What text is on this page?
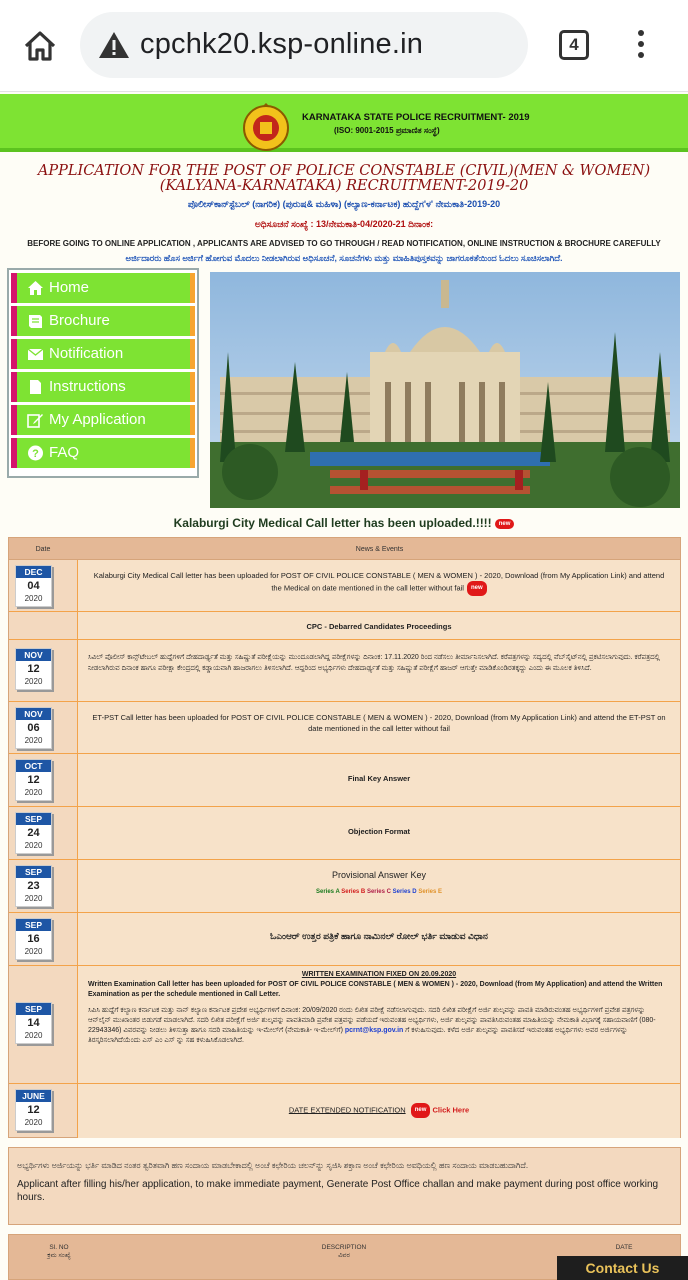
cpchk20.ksp-online.in	4
KARNATAKA STATE POLICE RECRUITMENT- 2019
(ISO: 9001-2015 ಪ್ರಮಾಣಿತ ಸಂಸ್ಥೆ)
APPLICATION FOR THE POST OF POLICE CONSTABLE (CIVIL)(MEN & WOMEN) (KALYANA-KARNATAKA) RECRUITMENT-2019-20
ಪೊಲೀಸ್‌ಕಾನ್‌ಸ್ಟೆಬಲ್ (ನಾಗರಿಕ) (ಪುರುಷ& ಮಹಿಳಾ) (ಕಲ್ಯಾಣ-ಕರ್ನಾಟಕ) ಹುದ್ದೆಗ'ಳ' ನೇಮಕಾತಿ-2019-20
ಅಧಿಸೂಚನೆ ಸಂಖ್ಯೆ : 13/ನೇಮಕಾತಿ-04/2020-21 ದಿನಾಂಕ:
BEFORE GOING TO ONLINE APPLICATION , APPLICANTS ARE ADVISED TO GO THROUGH / READ NOTIFICATION, ONLINE INSTRUCTION & BROCHURE CAREFULLY
ಅರ್ಜಿದಾರರು ಹೊಸ ಅರ್ಜಿಗೆ ಹೋಗುವ ಮೊದಲು ನೀಡಲಾಗಿರುವ ಅಧಿಸೂಚನೆ, ಸೂಚನೆಗಳು ಮತ್ತು ಮಾಹಿತಿಪುಸ್ತಕವನ್ನು ಜಾಗರೂಕತೆಯಿಂದ ಓದಲು ಸೂಚಿಸಲಾಗಿದೆ.
Home
Brochure
Notification
Instructions
My Application
? FAQ
Kalaburgi City Medical Call letter has been uploaded.!!!! new
Date	News & Events
DEC
04
2020
Kalaburgi City Medical Call letter has been uploaded for POST OF CIVIL POLICE CONSTABLE ( MEN & WOMEN ) - 2020, Download (from My Application Link) and attend the Medical on date mentioned in the call letter without fail new
CPC - Debarred Candidates Proceedings
NOV
12
2020
ಸಿವಿಲ್ ಪೊಲೀಸ್ ಕಾನ್ಸ್‌ಟೇಬಲ್ ಹುದ್ದೆಗಳಿಗೆ ದೇಹದಾರ್ಢ್ಯತೆ ಮತ್ತು ಸಹಿಷ್ಣುತೆ ಪರೀಕ್ಷೆಯನ್ನು ಮುಂದೂಡಲಾಗಿದ್ದ ಪರೀಕ್ಷೆಗಳನ್ನು ದಿನಾಂಕ: 17.11.2020 ರಿಂದ ನಡೆಸಲು ತೀರ್ಮಾನಿಸಲಾಗಿದೆ. ಕರೆಪತ್ರಗಳನ್ನು ಸದ್ಯದಲ್ಲಿ ವೆಬ್‌ಸೈಟ್‌ನಲ್ಲಿ ಪ್ರಕಟಿಸಲಾಗುವುದು. ಕರೆಪತ್ರದಲ್ಲಿ ನೀಡಲಾಗಿರುವ ದಿನಾಂಕ ಹಾಗೂ ಪರೀಕ್ಷಾ ಕೇಂದ್ರದಲ್ಲಿ ಕಡ್ಡಾಯವಾಗಿ ಹಾಜರಾಗಲು ತಿಳಿಸಲಾಗಿದೆ. ಆದ್ದರಿಂದ ಅಭ್ಯರ್ಥಿಗಳು ದೇಹದಾರ್ಢ್ಯತೆ ಮತ್ತು ಸಹಿಷ್ಣುತೆ ಪರೀಕ್ಷೆಗೆ ಹಾಜರ್ ಆಗುತ್ತೇ ಮಾಡಿಕೊಂಡಿರತಕ್ಕದ್ದು ಎಂದು ಈ ಮೂಲಕ ತಿಳಿಸಿದೆ.
NOV
06
2020
ET-PST Call letter has been uploaded for POST OF CIVIL POLICE CONSTABLE ( MEN & WOMEN ) - 2020, Download (from My Application Link) and attend the ET-PST on date mentioned in the call letter without fail
OCT
12
2020
Final Key Answer
SEP
24
2020
Objection Format
SEP
23
2020
Provisional Answer Key
Series A Series B Series C Series D Series E
SEP
16
2020
ಓಎಂಆರ್ ಉತ್ತರ ಪತ್ರಿಕೆ ಹಾಗೂ ನಾಮಿನಲ್ ರೋಲ್ ಭರ್ತಿ ಮಾಡುವ ವಿಧಾನ
SEP
14
2020
WRITTEN EXAMINATION FIXED ON 20.09.2020
Written Examination Call letter has been uploaded for POST OF CIVIL POLICE CONSTABLE ( MEN & WOMEN ) - 2020, Download (from My Application) and attend the Written Examination as per the schedule mentioned in Call Letter.
ಸಿಪಿಸಿ ಹುದ್ದೆಗೆ ಕಲ್ಯಾಣ ಕರ್ನಾಟಕ ಮತ್ತು ನಾನ್ ಕಲ್ಯಾಣ ಕರ್ನಾಟಕ ಪ್ರದೇಶ ಅಭ್ಯರ್ಥಿಗಳಿಗೆ ದಿನಾಂಕ: 20/09/2020 ರಂದು ಲಿಖಿತ ಪರೀಕ್ಷೆ ನಡೆಸಲಾಗುವುದು. ಸದರಿ ಲಿಖಿತ ಪರೀಕ್ಷೆಗೆ ಅರ್ಜಿ ಶುಲ್ಕವನ್ನು ಪಾವತಿ ಮಾಡಿರುವಂತಹ ಅಭ್ಯರ್ಥಿಗಳಿಗೆ ಪ್ರವೇಶ ಪತ್ರಗಳನ್ನು ಆನ್‌ಲೈನ್ ಮುಖಾಂತರ ಬಿಡುಗಡೆ ಮಾಡಲಾಗಿದೆ. ಸದರಿ ಲಿಖಿತ ಪರೀಕ್ಷೆಗೆ ಅರ್ಜಿ ಶುಲ್ಕವನ್ನು ಪಾವತಿಮಾಡಿ ಪ್ರವೇಶ ಪತ್ರವನ್ನು ಪಡೆಯದೆ ಇರುವಂತಹ ಅಭ್ಯರ್ಥಿಗಳು, ಅರ್ಜಿ ಶುಲ್ಕವನ್ನು ಪಾವತಿಸಿರುವಂತಹ ಮಾಹಿತಿಯನ್ನು ನೇಮಕಾತಿ ವಿಭಾಗಕ್ಕೆ ಸಹಾಯವಾಣಿಗೆ (080-22943346) ವಿವರವನ್ನು ನೀಡಲು ತಿಳಿಸುತ್ತಾ ಹಾಗೂ ಸದರಿ ಮಾಹಿತಿಯನ್ನು ಇ-ಮೇಲ್‌ಗೆ (ನೇಮಕಾತಿ- ಇ-ಮೇಲ್‌ಗೆ) pcrnt@ksp.gov.in ಗೆ ಕಳುಹಿಸುವುದು. ಕಳೆದ ಅರ್ಜಿ ಶುಲ್ಕವನ್ನು ಪಾವತಿಸದೆ ಇರುವಂತಹ ಅಭ್ಯರ್ಥಿಗಳು ಅವರ ಅರ್ಜಿಗಳನ್ನು ತಿರಸ್ಕರಿಸಲಾಗಿದೆಯೆಂದು ಎಸ್ ಎಂ ಎಸ್ ನ್ನು ಸಹ ಕಳುಹಿಸಿಕೊಡಲಾಗಿದೆ.
JUNE
12
2020
DATE EXTENDED NOTIFICATION new Click Here
ಅಭ್ಯರ್ಥಿಗಳು ಅರ್ಜಿಯನ್ನು ಭರ್ತಿ ಮಾಡಿದ ನಂತರ ತ್ವರಿತವಾಗಿ ಹಣ ಸಂದಾಯ ಮಾಡಬೇಕಾದಲ್ಲಿ ಅಂಚೆ ಕಛೇರಿಯ ಚಲನ್‌ನ್ನು ಸೃಜಿಸಿ ಶಕ್ತಾಣ ಅಂಚೆ ಕಛೇರಿಯ ಅವಧಿಯಲ್ಲಿ ಹಣ ಸಂದಾಯ ಮಾಡಬಹುದಾಗಿದೆ.
Applicant after filling his/her application, to make immediate payment, Generate Post Office challan and make payment during post office working hours.
Sl. NO
ಕ್ರಮ ಸಂಖ್ಯೆ
DESCRIPTION
ವಿವರ
DATE
Contact Us
